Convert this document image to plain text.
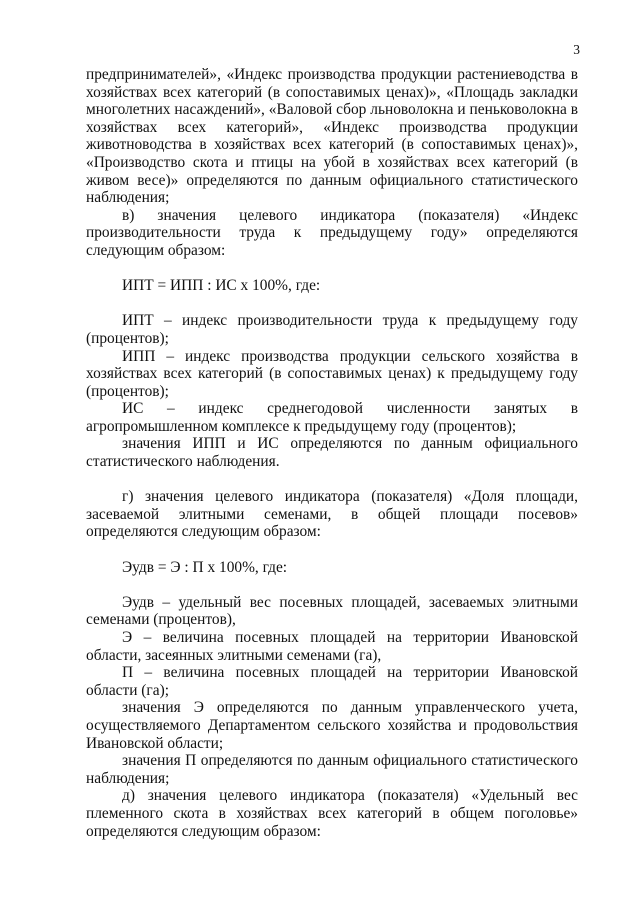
3

предпринимателей», «Индекс производства продукции растениеводства в хозяйствах всех категорий (в сопоставимых ценах)», «Площадь закладки многолетних насаждений», «Валовой сбор льноволокна и пеньковолокна в хозяйствах всех категорий», «Индекс производства продукции животноводства в хозяйствах всех категорий (в сопоставимых ценах)», «Производство скота и птицы на убой в хозяйствах всех категорий (в живом весе)» определяются по данным официального статистического наблюдения;

в) значения целевого индикатора (показателя) «Индекс производительности труда к предыдущему году» определяются следующим образом:

ИПТ = ИПП : ИС х 100%, где:

ИПТ – индекс производительности труда к предыдущему году (процентов);

ИПП – индекс производства продукции сельского хозяйства в хозяйствах всех категорий (в сопоставимых ценах) к предыдущему году (процентов);

ИС – индекс среднегодовой численности занятых в агропромышленном комплексе к предыдущему году (процентов);

значения ИПП и ИС определяются по данным официального статистического наблюдения.

г) значения целевого индикатора (показателя) «Доля площади, засеваемой элитными семенами, в общей площади посевов» определяются следующим образом:

Эудв = Э : П х 100%, где:

Эудв – удельный вес посевных площадей, засеваемых элитными семенами (процентов),

Э – величина посевных площадей на территории Ивановской области, засеянных элитными семенами (га),

П – величина посевных площадей на территории Ивановской области (га);

значения Э определяются по данным управленческого учета, осуществляемого Департаментом сельского хозяйства и продовольствия Ивановской области;

значения П определяются по данным официального статистического наблюдения;

д) значения целевого индикатора (показателя) «Удельный вес племенного скота в хозяйствах всех категорий в общем поголовье» определяются следующим образом:
